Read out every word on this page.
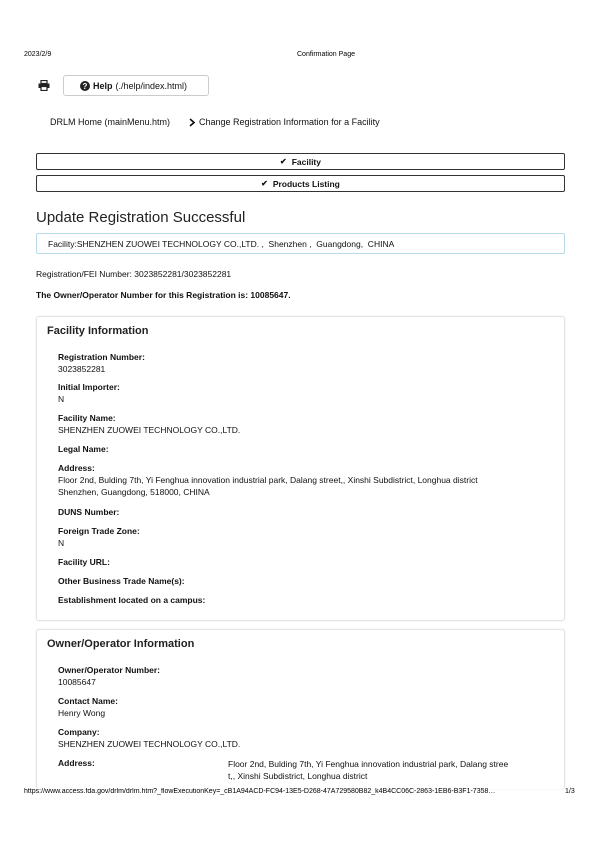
2023/2/9	Confirmation Page
? Help (./help/index.html)
DRLM Home (mainMenu.htm)	Change Registration Information for a Facility
✔ Facility
✔ Products Listing
Update Registration Successful
Facility: SHENZHEN ZUOWEI TECHNOLOGY CO.,LTD. ,  Shenzhen ,  Guangdong,  CHINA
Registration/FEI Number: 3023852281/3023852281
The Owner/Operator Number for this Registration is: 10085647.
Facility Information
Registration Number:
3023852281
Initial Importer:
N
Facility Name:
SHENZHEN ZUOWEI TECHNOLOGY CO.,LTD.
Legal Name:
Address:
Floor 2nd, Bulding 7th, Yi Fenghua innovation industrial park, Dalang street,, Xinshi Subdistrict, Longhua district
Shenzhen, Guangdong, 518000, CHINA
DUNS Number:
Foreign Trade Zone:
N
Facility URL:
Other Business Trade Name(s):
Establishment located on a campus:
Owner/Operator Information
Owner/Operator Number:
10085647
Contact Name:
Henry Wong
Company:
SHENZHEN ZUOWEI TECHNOLOGY CO.,LTD.
Address:	Floor 2nd, Bulding 7th, Yi Fenghua innovation industrial park, Dalang stree
t,, Xinshi Subdistrict, Longhua district
https://www.access.fda.gov/drlm/drlm.htm?_flowExecutionKey=_cB1A94ACD-FC94-13E5-D268-47A729580B82_k4B4CC06C-2863-1EB6-B3F1-7358…	1/3
